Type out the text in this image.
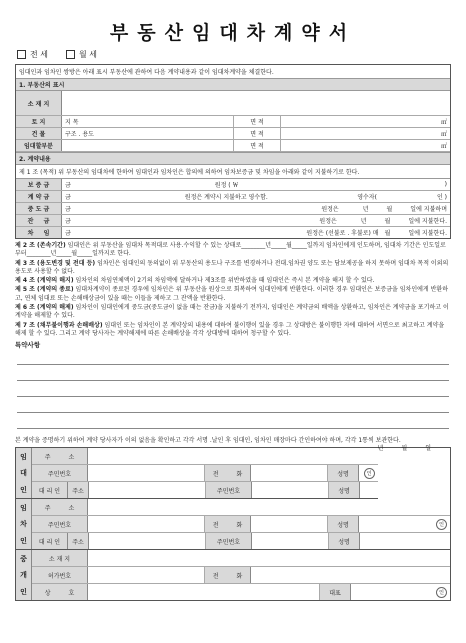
부동산임대차계약서
전 세	월 세
임대인과 임차인 쌍방은 아래 표시 부동산에 관하여 다음 계약내용과 같이 임대차계약을 체결한다.
1. 부동산의 표시
소 재 지
토 지	지 목	면 적	㎡
건 물	구조 . 용도	면 적	㎡
임대할부분	면 적	㎡
2. 계약내용
제 1 조 (목적) 위 부동산의 임대차에 한하여 임대인과 임차인은 합의에 의하여 임차보증금 및 차임을 아래와 같이 지불하기로 한다.
보 증 금	금	원정 ( ￦	)
계 약 금	금	원정은 계약시 지불하고 영수함.	영수자(　　　　　　　　　　인 )
중 도 금	금	원정은　　　　년　　　월　　　일에 지불하며
잔 　 금	금	원정은　　　　년　　　월　　　일에 지불한다.
차 　 임	금	원정은 (선불로 . 후불로) 매　월　　　일에 지불한다.

제 2 조 (존속기간) 임대인은 위 부동산을 임대차 목적대로 사용.수익할 수 있는 상태로________년_____월_____일까지 임차인에게 인도하며, 임대차 기간은 인도일로부터________년_____월_____일까지로 한다.

제 3 조 (용도변경 및 전대 등) 임차인은 임대인의 동의없이 위 부동산의 용도나 구조를 변경하거나 전대.임차권 양도 또는 담보제공을 하지 못하며 임대차 목적 이외의 용도로 사용할 수 없다.

제 4 조 (계약의 해지) 임차인의 차임연체액이 2기의 차임액에 달하거나 제3조를 위반하였을 때 임대인은 즉시 본 계약을 해지 할 수 있다.

제 5 조 (계약의 종료) 임대차계약이 종료된 경우에 임차인은 위 부동산을 원상으로 회복하여 임대인에게 반환한다. 이러한 경우 임대인은 보증금을 임차인에게 반환하고, 연체 임대료 또는 손해배상금이 있을 때는 이들을 제하고 그 잔액을 반환한다.

제 6 조 (계약의 해제) 임차인이 임대인에게 중도금(중도금이 없을 때는 잔금)을 지불하기 전까지, 임대인은 계약금의 배액을 상환하고, 임차인은 계약금을 포기하고 이 계약을 해제할 수 있다.

제 7 조 (채무불이행과 손해배상) 임대인 또는 임차인이 본 계약상의 내용에 대하여 불이행이 있을 경우 그 상대방은 불이행한 자에 대하여 서면으로 최고하고 계약을 해제 할 수 있다. 그리고 계약 당사자는 계약해제에 따른 손해배상을 각각 상대방에 대하여 청구할 수 있다.

특약사항
본 계약을 증명하기 위하여 계약 당사자가 이의 없음을 확인하고 각각 서명 .날인 후 임대인, 임차인 매장마다 간인하여야 하며, 각각 1통씩 보관한다.
년　　　월　　　일
임
대
인
주　　　소
주민번호	전　　　화	성명	인
대 리 인	주소	주민번호	성명
임
차
인
주　　　소
주민번호	전　　　화	성명	인
대 리 인	주소	주민번호	성명
중
개
인
소 재 지
허가번호	전　　　화
상　　　호	대표	인
